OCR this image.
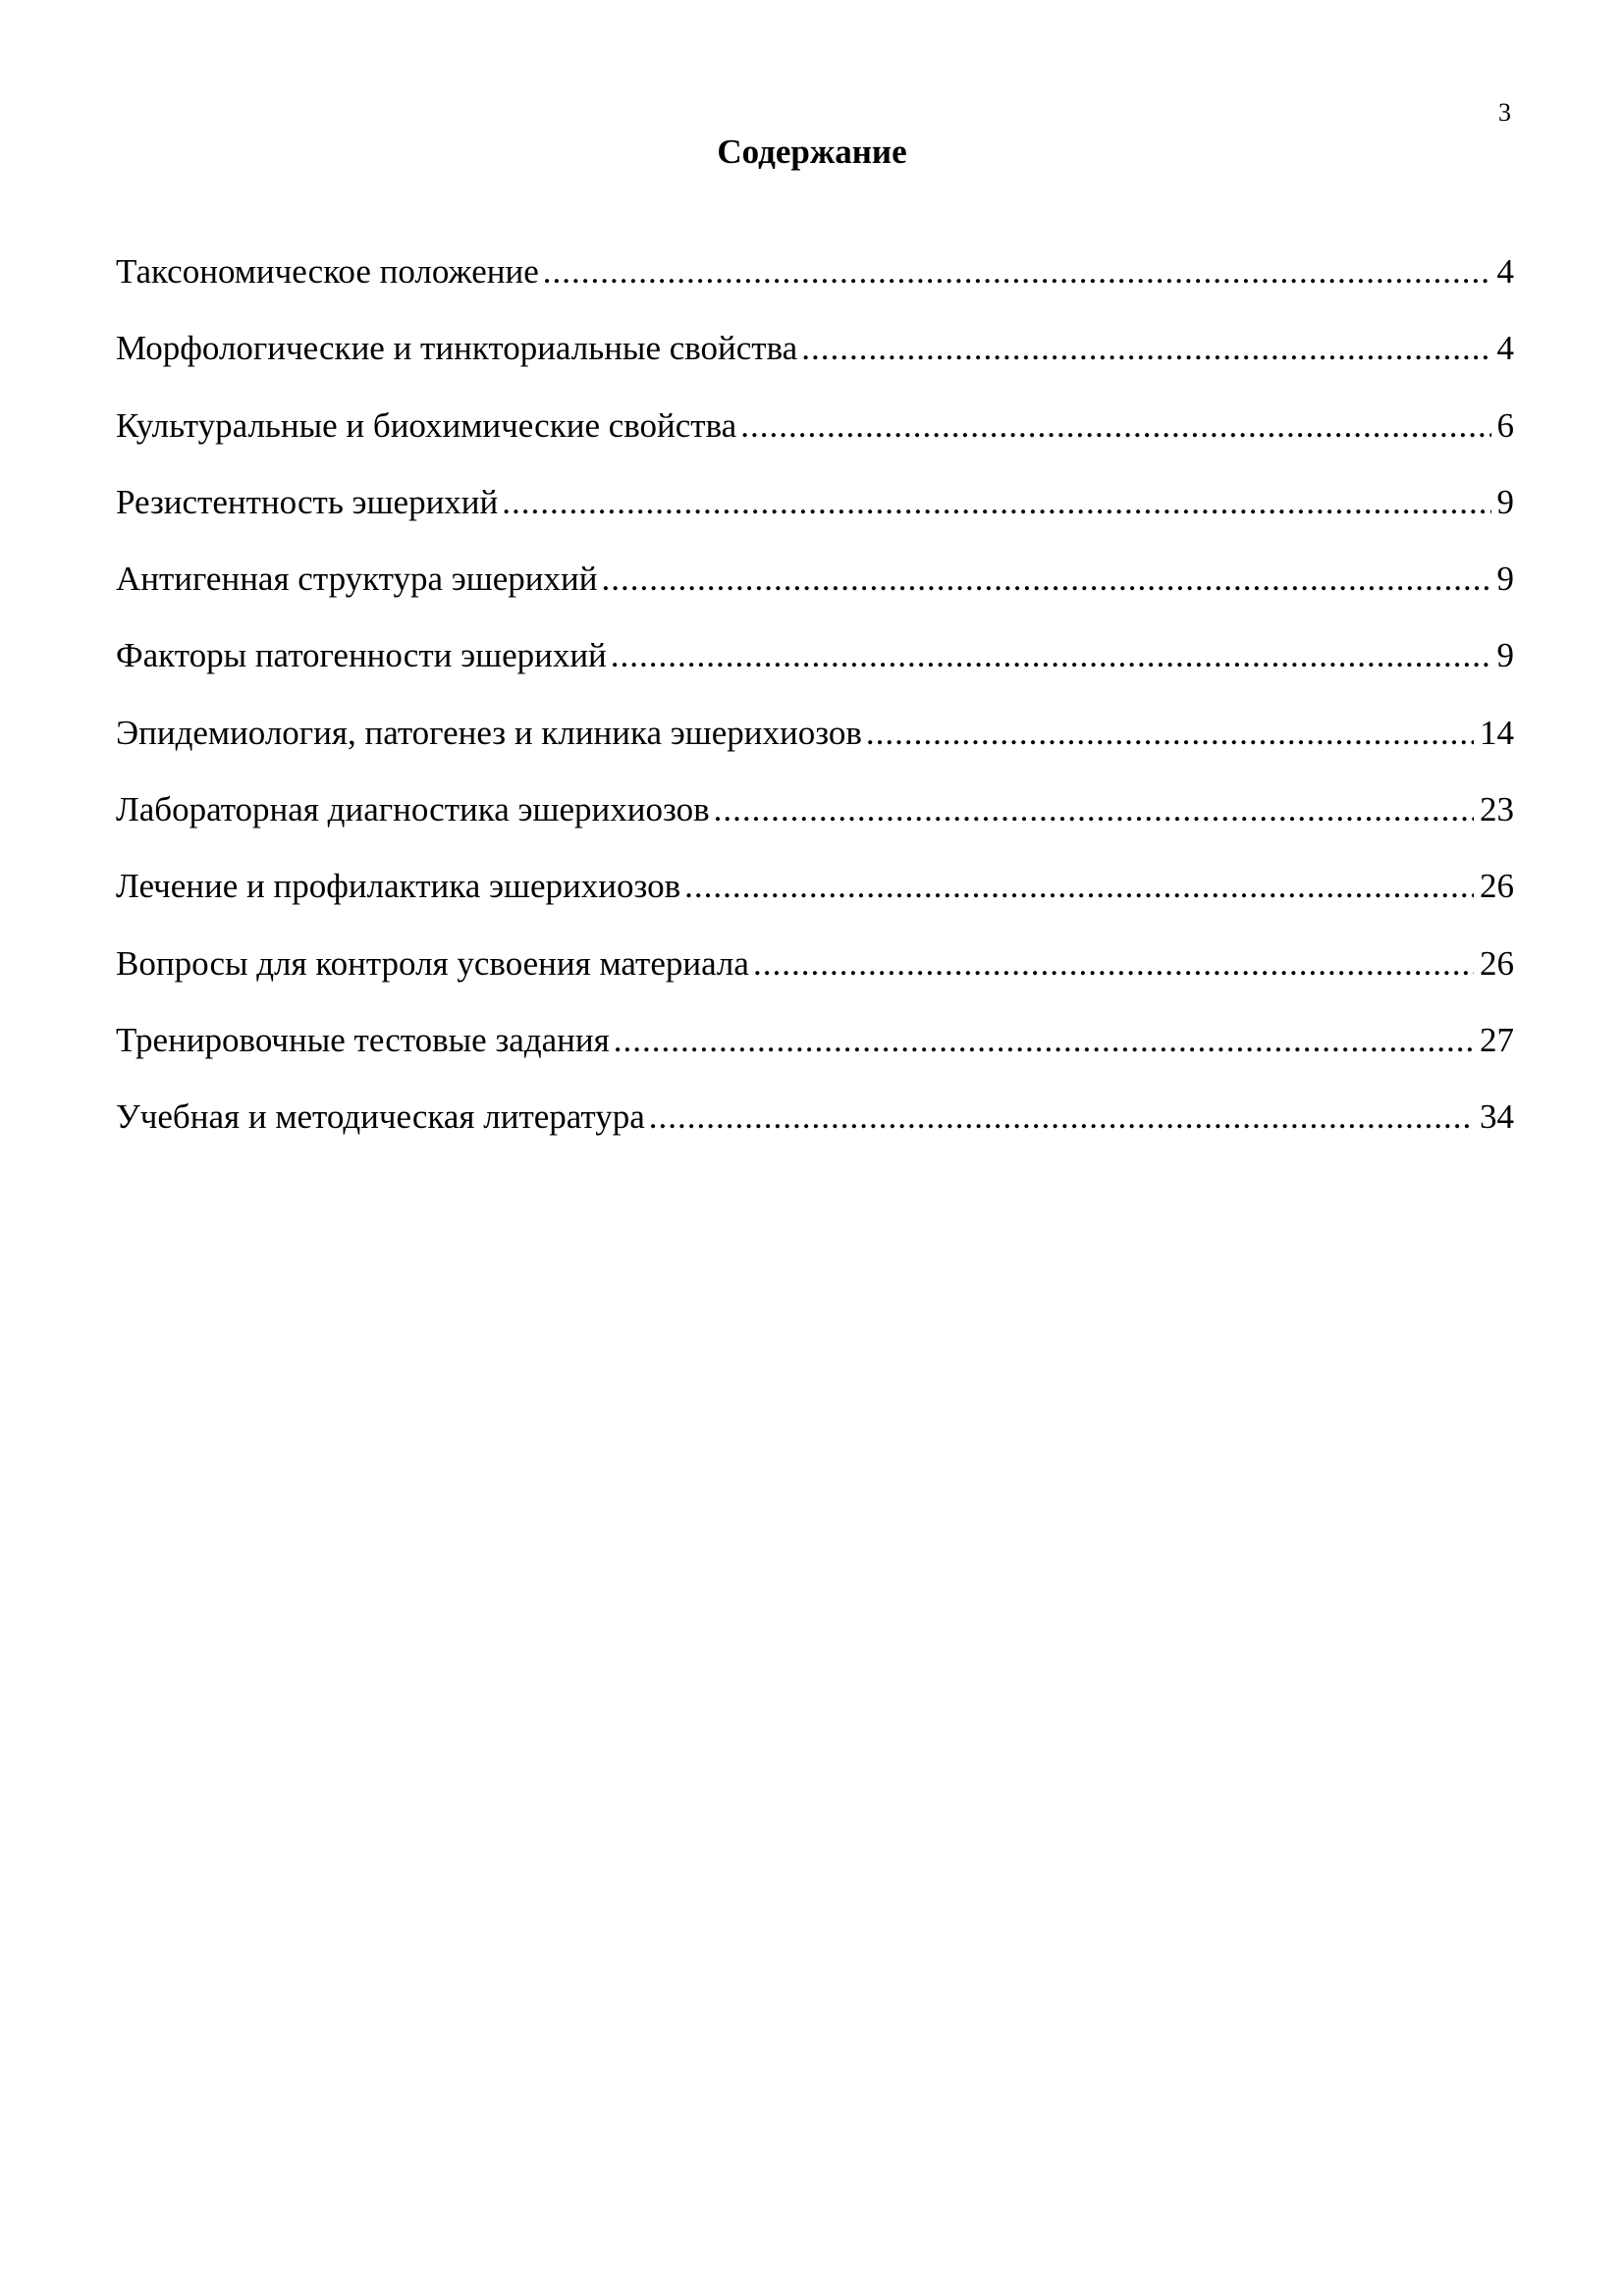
3
Содержание
Таксономическое положение .....	4
Морфологические и тинкториальные свойства .....	4
Культуральные и биохимические свойства .....	6
Резистентность эшерихий .....	9
Антигенная структура эшерихий .....	9
Факторы патогенности эшерихий .....	9
Эпидемиология, патогенез и клиника эшерихиозов .....	14
Лабораторная диагностика эшерихиозов .....	23
Лечение и профилактика эшерихиозов .....	26
Вопросы для контроля усвоения материала .....	26
Тренировочные тестовые задания .....	27
Учебная и методическая литература .....	34
